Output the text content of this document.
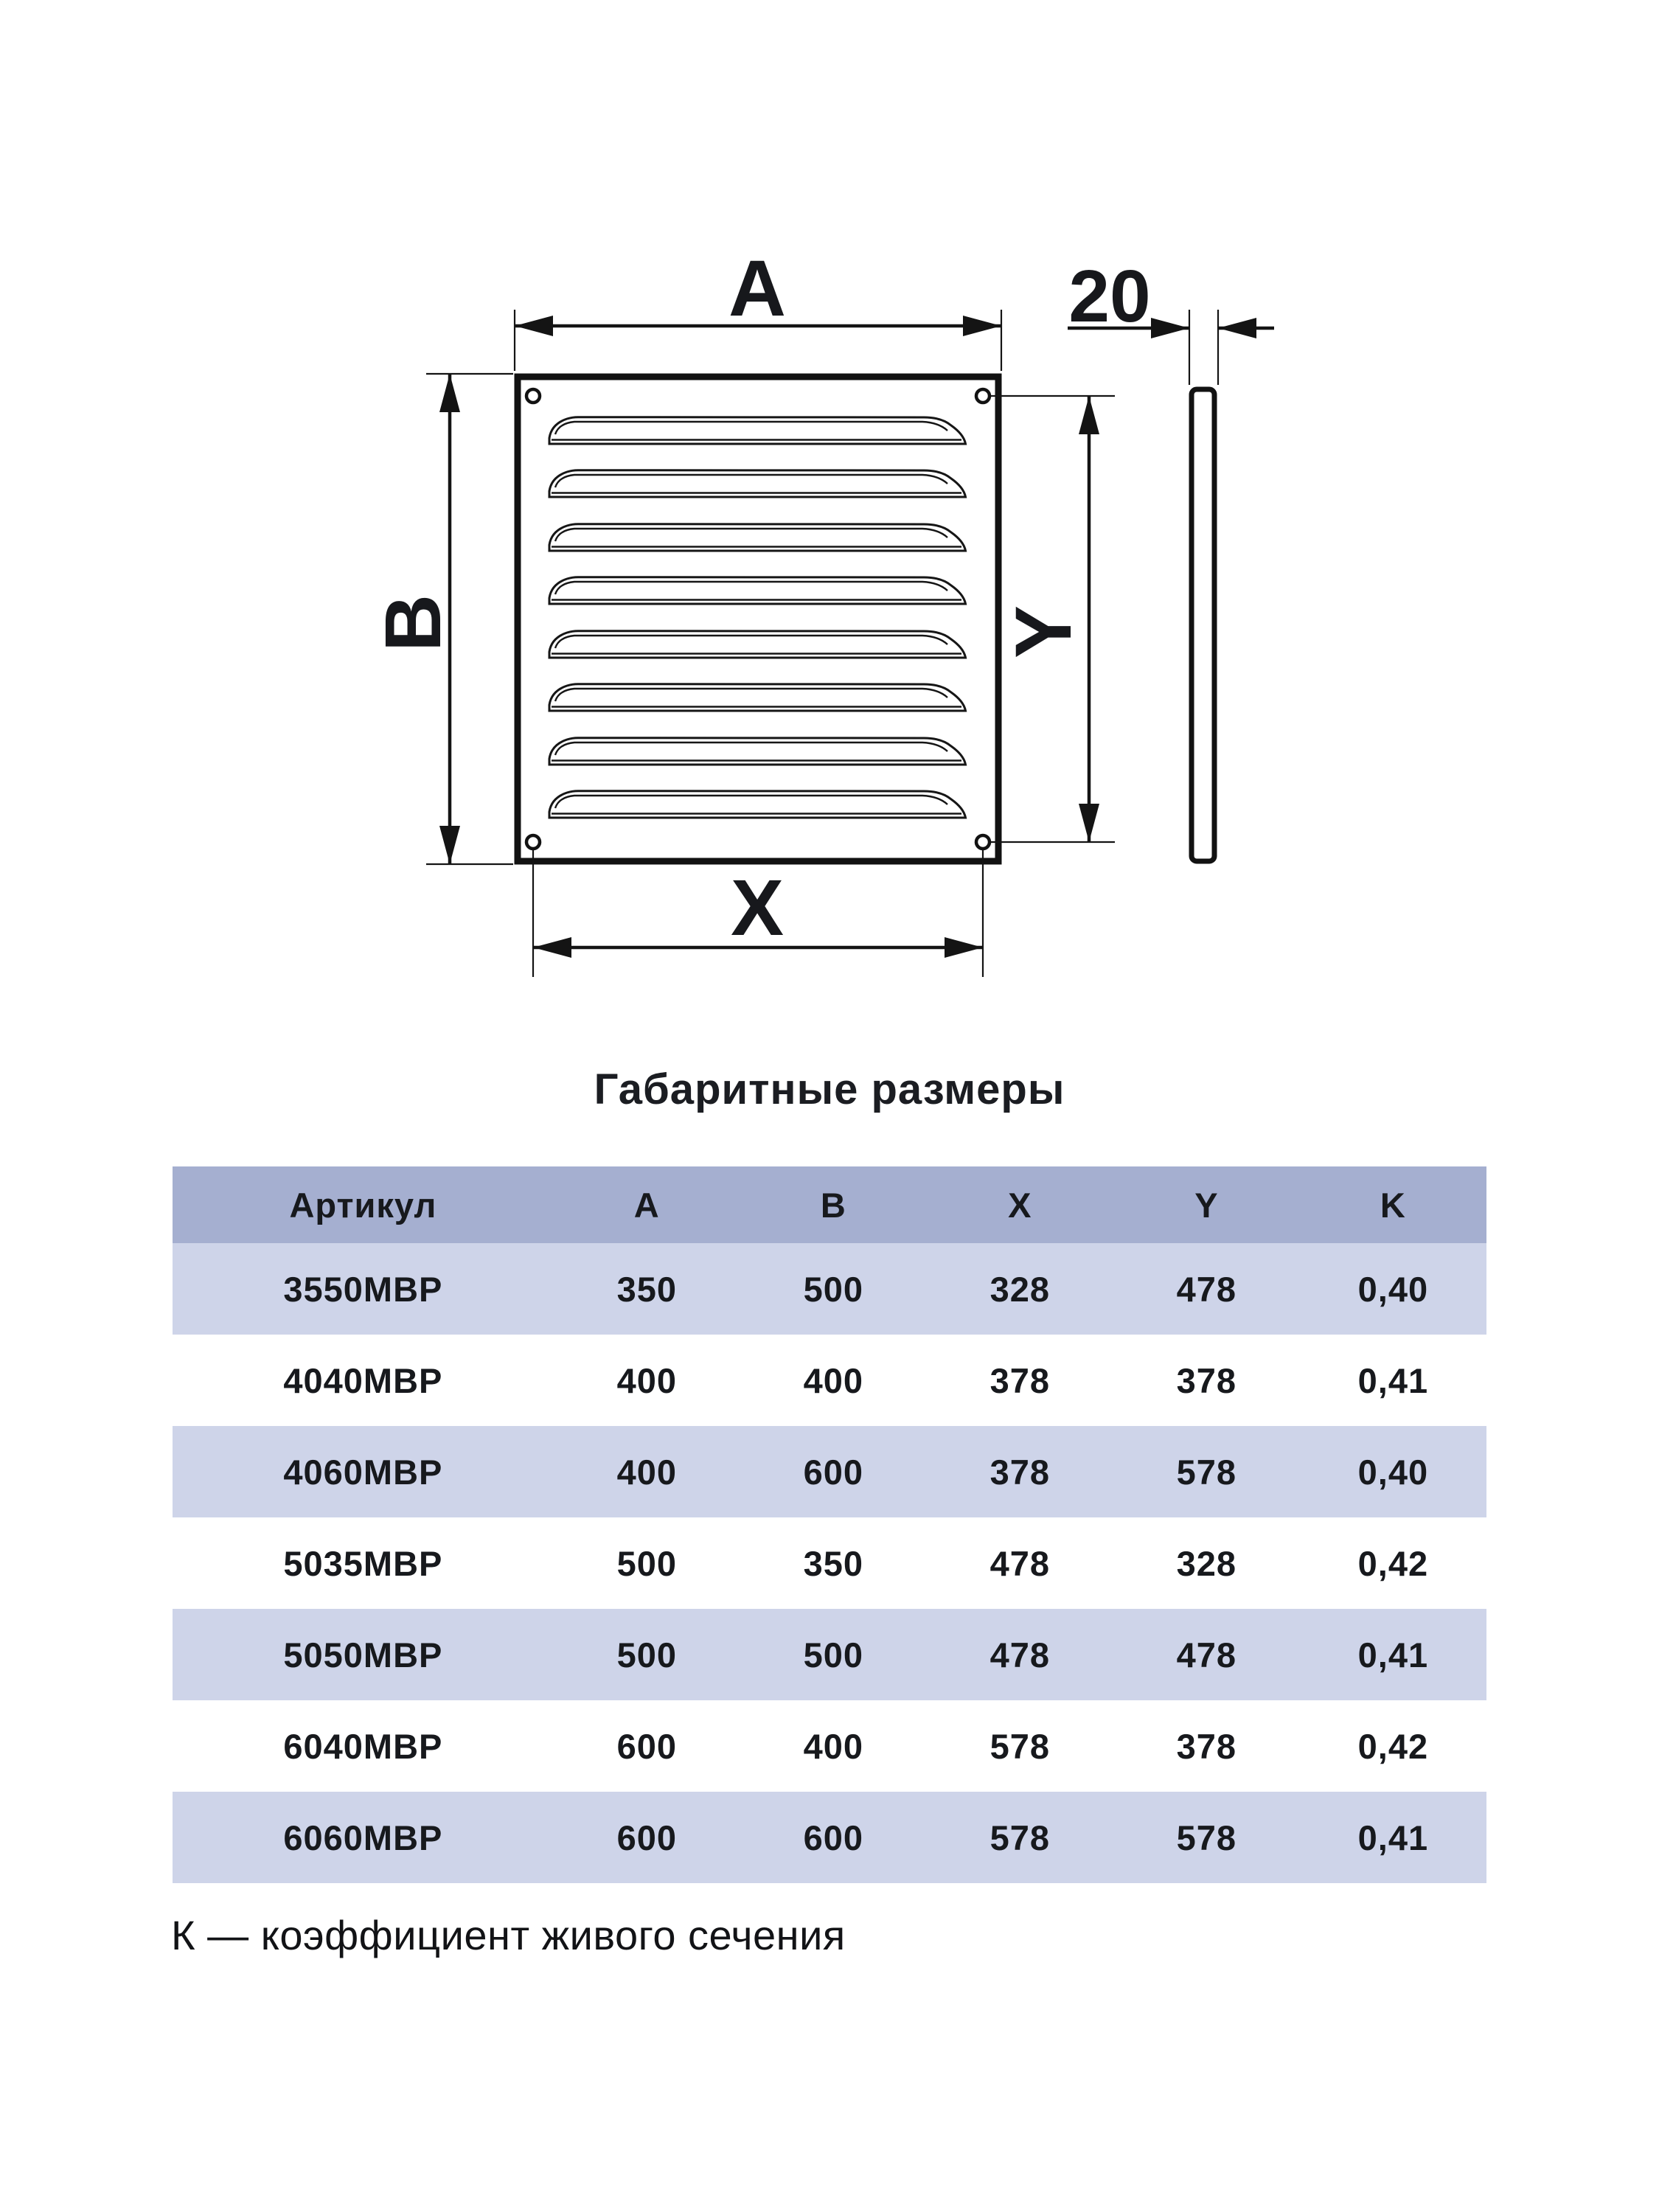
A
B
X
Y
20
Габаритные размеры
Артикул	A	B	X	Y	K
3550МВР	350	500	328	478	0,40
4040МВР	400	400	378	378	0,41
4060МВР	400	600	378	578	0,40
5035МВР	500	350	478	328	0,42
5050МВР	500	500	478	478	0,41
6040МВР	600	400	578	378	0,42
6060МВР	600	600	578	578	0,41
К — коэффициент живого сечения
